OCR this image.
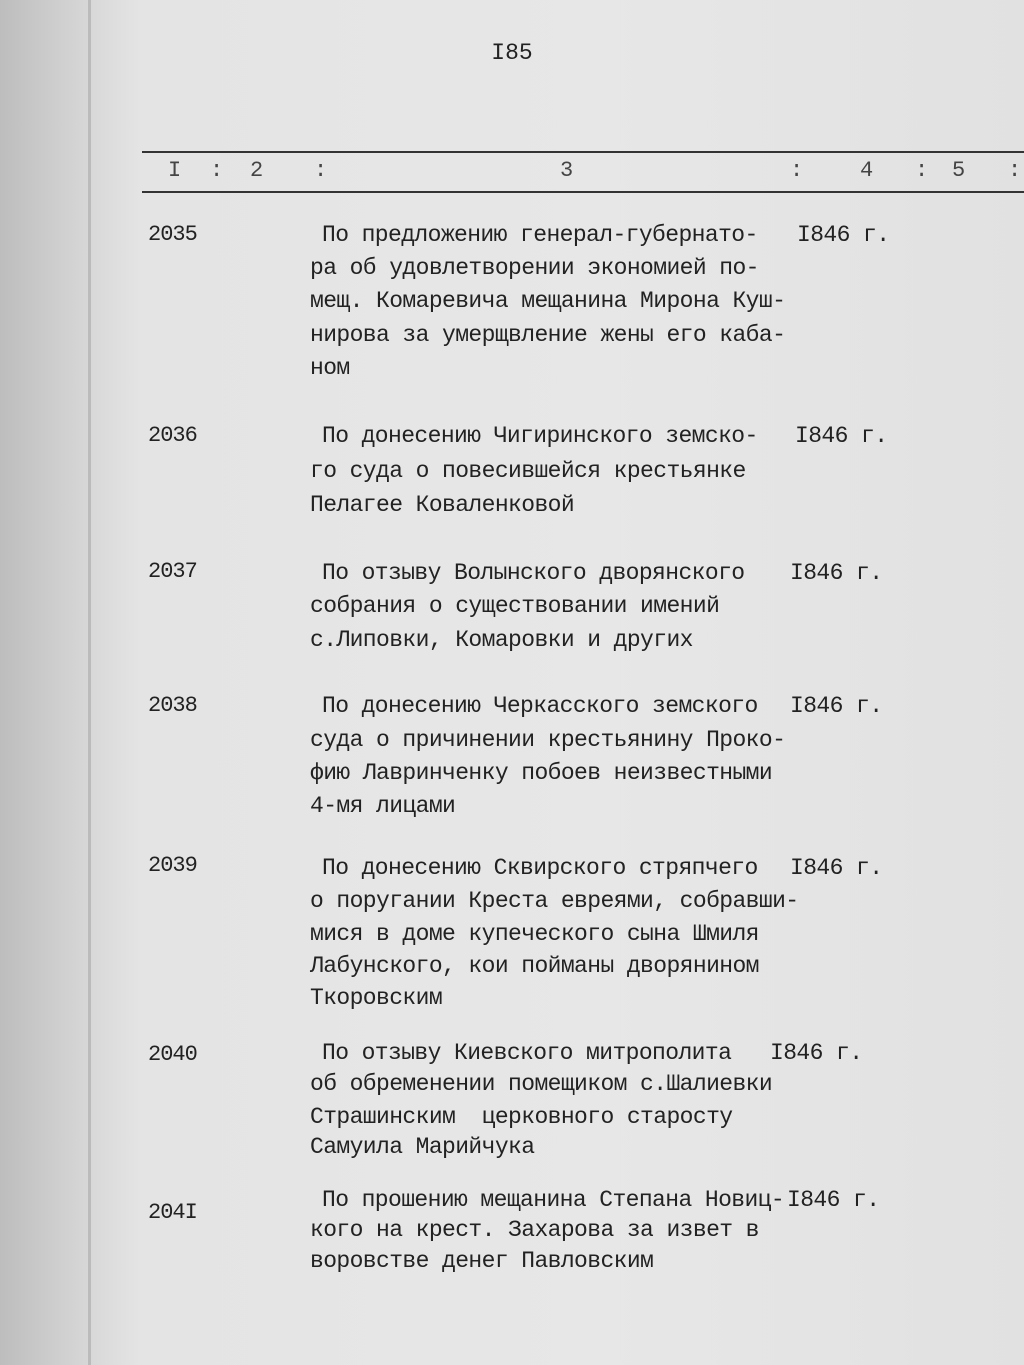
I85
I : 2 :	3	:	4 : 5 :
2035	По предложению генерал-губернато-
ра об удовлетворении экономией по-
мещ. Комаревича мещанина Мирона Куш-
нирова за умерщвление жены его каба-
ном
I846 г.
2036	По донесению Чигиринского земско-
го суда о повесившейся крестьянке
Пелагее Коваленковой
I846 г.
2037	По отзыву Волынского дворянского
собрания о существовании имений
с.Липовки, Комаровки и других
I846 г.
2038	По донесению Черкасского земского
суда о причинении крестьянину Проко-
фию Лавринченку побоев неизвестными
4-мя лицами
I846 г.
2039	По донесению Сквирского стряпчего
о поругании Креста евреями, собравши-
мися в доме купеческого сына Шмиля
Лабунского, кои пойманы дворянином
Ткоровским
I846 г.
2040	По отзыву Киевского митрополита
об обременении помещиком с.Шалиевки
Страшинским  церковного старосту
Самуила Марийчука
I846 г.
204I	По прошению мещанина Степана Новиц-
кого на крест. Захарова за извет в
воровстве денег Павловским
I846 г.
